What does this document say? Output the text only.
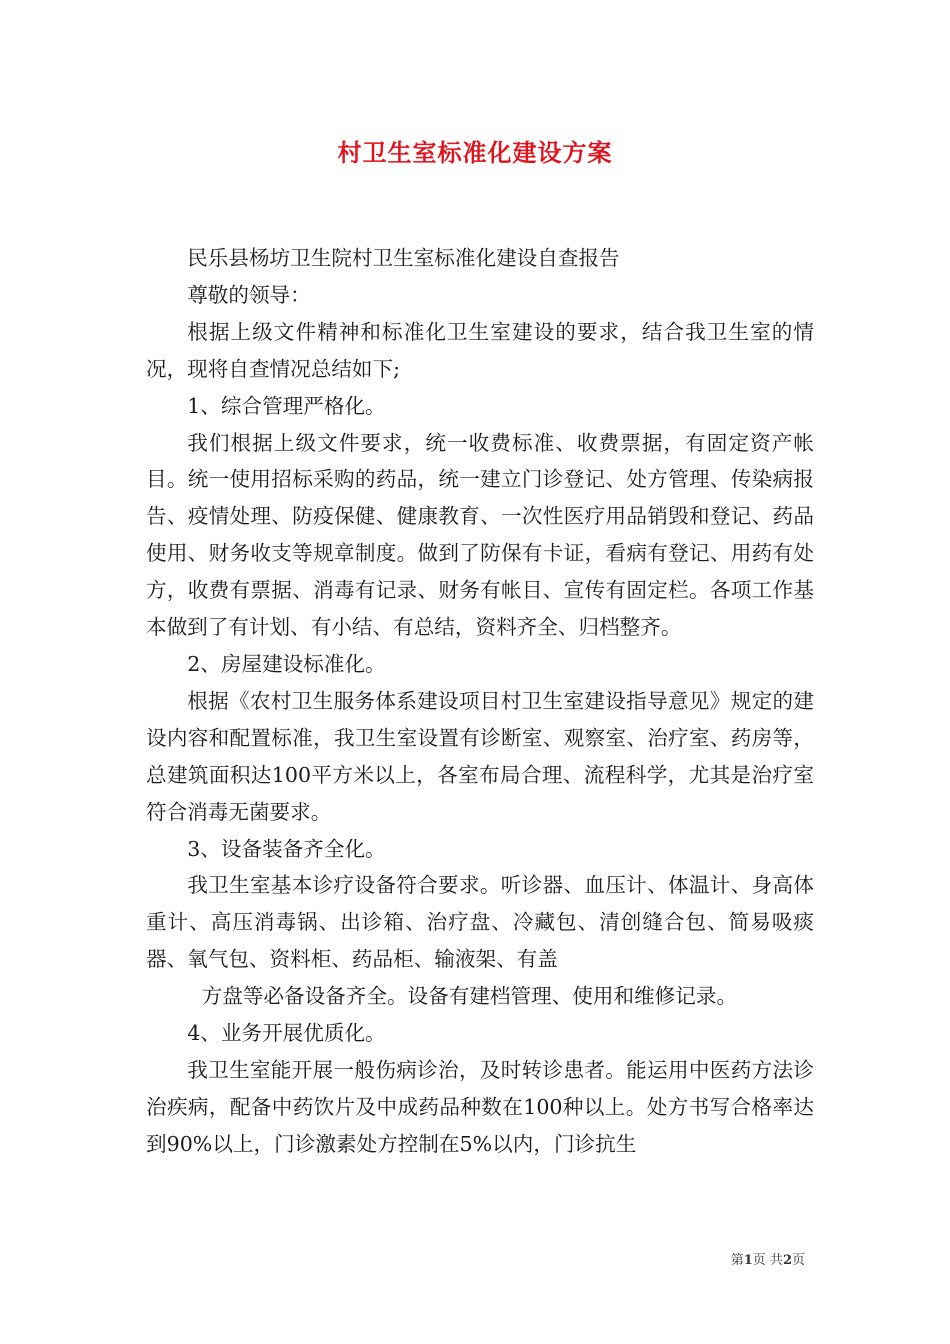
村卫生室标准化建设方案

民乐县杨坊卫生院村卫生室标准化建设自查报告

尊敬的领导：

根据上级文件精神和标准化卫生室建设的要求，结合我卫生室的情况，现将自查情况总结如下;

1、综合管理严格化。

我们根据上级文件要求，统一收费标准、收费票据，有固定资产帐目。统一使用招标采购的药品，统一建立门诊登记、处方管理、传染病报告、疫情处理、防疫保健、健康教育、一次性医疗用品销毁和登记、药品使用、财务收支等规章制度。做到了防保有卡证，看病有登记、用药有处方，收费有票据、消毒有记录、财务有帐目、宣传有固定栏。各项工作基本做到了有计划、有小结、有总结，资料齐全、归档整齐。

2、房屋建设标准化。

根据《农村卫生服务体系建设项目村卫生室建设指导意见》规定的建设内容和配置标准，我卫生室设置有诊断室、观察室、治疗室、药房等，总建筑面积达100平方米以上，各室布局合理、流程科学，尤其是治疗室符合消毒无菌要求。

3、设备装备齐全化。

我卫生室基本诊疗设备符合要求。听诊器、血压计、体温计、身高体重计、高压消毒锅、出诊箱、治疗盘、冷藏包、清创缝合包、简易吸痰器、氧气包、资料柜、药品柜、输液架、有盖

方盘等必备设备齐全。设备有建档管理、使用和维修记录。

4、业务开展优质化。

我卫生室能开展一般伤病诊治，及时转诊患者。能运用中医药方法诊治疾病，配备中药饮片及中成药品种数在100种以上。处方书写合格率达到90%以上，门诊激素处方控制在5%以内，门诊抗生

第1页 共2页
